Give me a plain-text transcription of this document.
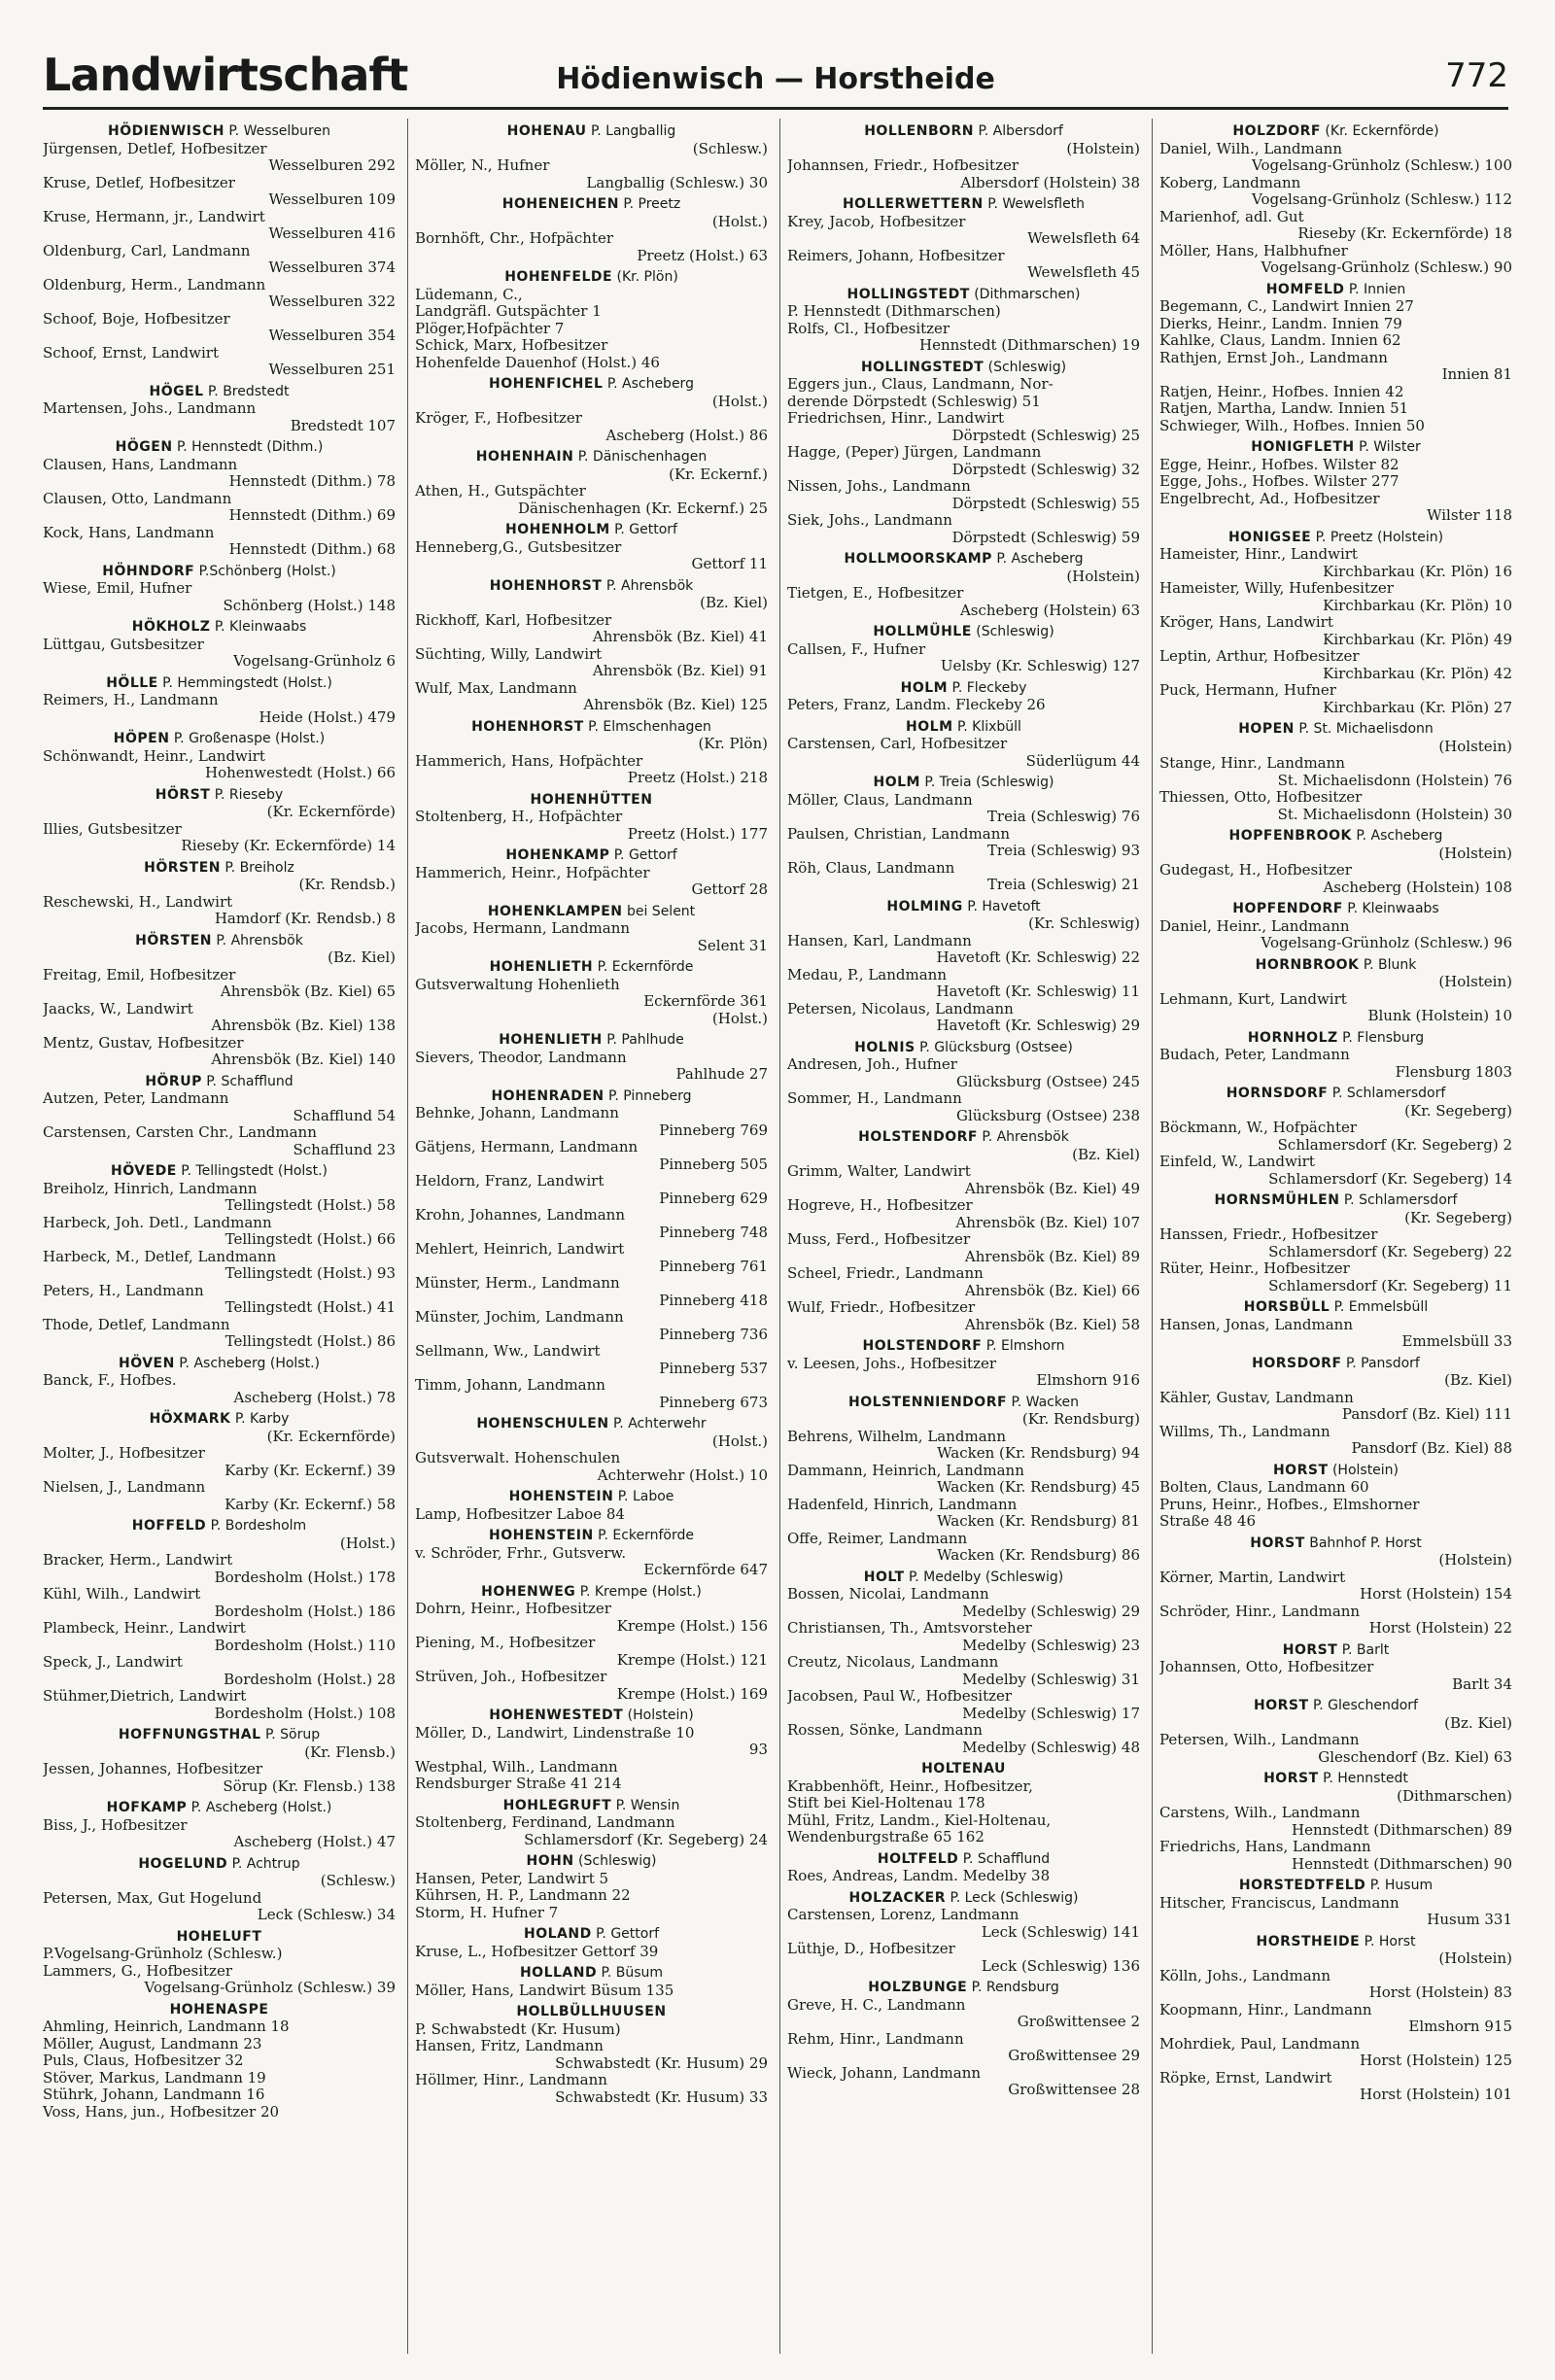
Landwirtschaft	Hödienwisch — Horstheide	772
HÖDIENWISCH P. Wesselburen
Jürgensen, Detlef, Hofbesitzer
Wesselburen 292
Kruse, Detlef, Hofbesitzer
Wesselburen 109
Kruse, Hermann, jr., Landwirt
Wesselburen 416
Oldenburg, Carl, Landmann
Wesselburen 374
Oldenburg, Herm., Landmann
Wesselburen 322
Schoof, Boje, Hofbesitzer
Wesselburen 354
Schoof, Ernst, Landwirt
Wesselburen 251
HÖGEL P. Bredstedt
Martensen, Johs., Landmann
Bredstedt 107
HÖGEN P. Hennstedt (Dithm.)
Clausen, Hans, Landmann
Hennstedt (Dithm.) 78
Clausen, Otto, Landmann
Hennstedt (Dithm.) 69
Kock, Hans, Landmann
Hennstedt (Dithm.) 68
HÖHNDORF P.Schönberg (Holst.)
Wiese, Emil, Hufner
Schönberg (Holst.) 148
HÖKHOLZ P. Kleinwaabs
Lüttgau, Gutsbesitzer
Vogelsang-Grünholz 6
HÖLLE P. Hemmingstedt (Holst.)
Reimers, H., Landmann
Heide (Holst.) 479
HÖPEN P. Großenaspe (Holst.)
Schönwandt, Heinr., Landwirt
Hohenwestedt (Holst.) 66
HÖRST P. Rieseby
(Kr. Eckernförde)
Illies, Gutsbesitzer
Rieseby (Kr. Eckernförde) 14
HÖRSTEN P. Breiholz
(Kr. Rendsb.)
Reschewski, H., Landwirt
Hamdorf (Kr. Rendsb.) 8
HÖRSTEN P. Ahrensbök
(Bz. Kiel)
Freitag, Emil, Hofbesitzer
Ahrensbök (Bz. Kiel) 65
Jaacks, W., Landwirt
Ahrensbök (Bz. Kiel) 138
Mentz, Gustav, Hofbesitzer
Ahrensbök (Bz. Kiel) 140
HÖRUP P. Schafflund
Autzen, Peter, Landmann
Schafflund 54
Carstensen, Carsten Chr., Landmann
Schafflund 23
HÖVEDE P. Tellingstedt (Holst.)
Breiholz, Hinrich, Landmann
Tellingstedt (Holst.) 58
Harbeck, Joh. Detl., Landmann
Tellingstedt (Holst.) 66
Harbeck, M., Detlef, Landmann
Tellingstedt (Holst.) 93
Peters, H., Landmann
Tellingstedt (Holst.) 41
Thode, Detlef, Landmann
Tellingstedt (Holst.) 86
HÖVEN P. Ascheberg (Holst.)
Banck, F., Hofbes.
Ascheberg (Holst.) 78
HÖXMARK P. Karby
(Kr. Eckernförde)
Molter, J., Hofbesitzer
Karby (Kr. Eckernf.) 39
Nielsen, J., Landmann
Karby (Kr. Eckernf.) 58
HOFFELD P. Bordesholm
(Holst.)
Bracker, Herm., Landwirt
Bordesholm (Holst.) 178
Kühl, Wilh., Landwirt
Bordesholm (Holst.) 186
Plambeck, Heinr., Landwirt
Bordesholm (Holst.) 110
Speck, J., Landwirt
Bordesholm (Holst.) 28
Stühmer,Dietrich, Landwirt
Bordesholm (Holst.) 108
HOFFNUNGSTHAL P. Sörup
(Kr. Flensb.)
Jessen, Johannes, Hofbesitzer
Sörup (Kr. Flensb.) 138
HOFKAMP P. Ascheberg (Holst.)
Biss, J., Hofbesitzer
Ascheberg (Holst.) 47
HOGELUND P. Achtrup
(Schlesw.)
Petersen, Max, Gut Hogelund
Leck (Schlesw.) 34
HOHELUFT
P.Vogelsang-Grünholz (Schlesw.)
Lammers, G., Hofbesitzer
Vogelsang-Grünholz (Schlesw.) 39
HOHENASPE
Ahmling, Heinrich, Landmann 18
Möller, August, Landmann 23
Puls, Claus, Hofbesitzer 32
Stöver, Markus, Landmann 19
Stührk, Johann, Landmann 16
Voss, Hans, jun., Hofbesitzer 20
HOHENAU P. Langballig
(Schlesw.)
Möller, N., Hufner
Langballig (Schlesw.) 30
HOHENEICHEN P. Preetz
(Holst.)
Bornhöft, Chr., Hofpächter
Preetz (Holst.) 63
HOHENFELDE (Kr. Plön)
Lüdemann, C.,
Landgräfl. Gutspächter 1
Plöger,Hofpächter 7
Schick, Marx, Hofbesitzer
Hohenfelde Dauenhof (Holst.) 46
HOHENFICHEL P. Ascheberg
(Holst.)
Kröger, F., Hofbesitzer
Ascheberg (Holst.) 86
HOHENHAIN P. Dänischenhagen
(Kr. Eckernf.)
Athen, H., Gutspächter
Dänischenhagen (Kr. Eckernf.) 25
HOHENHOLM P. Gettorf
Henneberg,G., Gutsbesitzer
Gettorf 11
HOHENHORST P. Ahrensbök
(Bz. Kiel)
Rickhoff, Karl, Hofbesitzer
Ahrensbök (Bz. Kiel) 41
Süchting, Willy, Landwirt
Ahrensbök (Bz. Kiel) 91
Wulf, Max, Landmann
Ahrensbök (Bz. Kiel) 125
HOHENHORST P. Elmschenhagen
(Kr. Plön)
Hammerich, Hans, Hofpächter
Preetz (Holst.) 218
HOHENHÜTTEN
Stoltenberg, H., Hofpächter
Preetz (Holst.) 177
HOHENKAMP P. Gettorf
Hammerich, Heinr., Hofpächter
Gettorf 28
HOHENKLAMPEN bei Selent
Jacobs, Hermann, Landmann
Selent 31
HOHENLIETH P. Eckernförde
Gutsverwaltung Hohenlieth
Eckernförde 361
(Holst.)
HOHENLIETH P. Pahlhude
Sievers, Theodor, Landmann
Pahlhude 27
HOHENRADEN P. Pinneberg
Behnke, Johann, Landmann
Pinneberg 769
Gätjens, Hermann, Landmann
Pinneberg 505
Heldorn, Franz, Landwirt
Pinneberg 629
Krohn, Johannes, Landmann
Pinneberg 748
Mehlert, Heinrich, Landwirt
Pinneberg 761
Münster, Herm., Landmann
Pinneberg 418
Münster, Jochim, Landmann
Pinneberg 736
Sellmann, Ww., Landwirt
Pinneberg 537
Timm, Johann, Landmann
Pinneberg 673
HOHENSCHULEN P. Achterwehr
(Holst.)
Gutsverwalt. Hohenschulen
Achterwehr (Holst.) 10
HOHENSTEIN P. Laboe
Lamp, Hofbesitzer Laboe 84
HOHENSTEIN P. Eckernförde
v. Schröder, Frhr., Gutsverw.
Eckernförde 647
HOHENWEG P. Krempe (Holst.)
Dohrn, Heinr., Hofbesitzer
Krempe (Holst.) 156
Piening, M., Hofbesitzer
Krempe (Holst.) 121
Strüven, Joh., Hofbesitzer
Krempe (Holst.) 169
HOHENWESTEDT (Holstein)
Möller, D., Landwirt, Lindenstraße 10
93
Westphal, Wilh., Landmann
Rendsburger Straße 41 214
HOHLEGRUFT P. Wensin
Stoltenberg, Ferdinand, Landmann
Schlamersdorf (Kr. Segeberg) 24
HOHN (Schleswig)
Hansen, Peter, Landwirt 5
Kührsen, H. P., Landmann 22
Storm, H. Hufner 7
HOLAND P. Gettorf
Kruse, L., Hofbesitzer Gettorf 39
HOLLAND P. Büsum
Möller, Hans, Landwirt Büsum 135
HOLLBÜLLHUUSEN
P. Schwabstedt (Kr. Husum)
Hansen, Fritz, Landmann
Schwabstedt (Kr. Husum) 29
Höllmer, Hinr., Landmann
Schwabstedt (Kr. Husum) 33
HOLLENBORN P. Albersdorf
(Holstein)
Johannsen, Friedr., Hofbesitzer
Albersdorf (Holstein) 38
HOLLERWETTERN P. Wewelsfleth
Krey, Jacob, Hofbesitzer
Wewelsfleth 64
Reimers, Johann, Hofbesitzer
Wewelsfleth 45
HOLLINGSTEDT (Dithmarschen)
P. Hennstedt (Dithmarschen)
Rolfs, Cl., Hofbesitzer
Hennstedt (Dithmarschen) 19
HOLLINGSTEDT (Schleswig)
Eggers jun., Claus, Landmann, Nor-
derende Dörpstedt (Schleswig) 51
Friedrichsen, Hinr., Landwirt
Dörpstedt (Schleswig) 25
Hagge, (Peper) Jürgen, Landmann
Dörpstedt (Schleswig) 32
Nissen, Johs., Landmann
Dörpstedt (Schleswig) 55
Siek, Johs., Landmann
Dörpstedt (Schleswig) 59
HOLLMOORSKAMP P. Ascheberg
(Holstein)
Tietgen, E., Hofbesitzer
Ascheberg (Holstein) 63
HOLLMÜHLE (Schleswig)
Callsen, F., Hufner
Uelsby (Kr. Schleswig) 127
HOLM P. Fleckeby
Peters, Franz, Landm. Fleckeby 26
HOLM P. Klixbüll
Carstensen, Carl, Hofbesitzer
Süderlügum 44
HOLM P. Treia (Schleswig)
Möller, Claus, Landmann
Treia (Schleswig) 76
Paulsen, Christian, Landmann
Treia (Schleswig) 93
Röh, Claus, Landmann
Treia (Schleswig) 21
HOLMING P. Havetoft
(Kr. Schleswig)
Hansen, Karl, Landmann
Havetoft (Kr. Schleswig) 22
Medau, P., Landmann
Havetoft (Kr. Schleswig) 11
Petersen, Nicolaus, Landmann
Havetoft (Kr. Schleswig) 29
HOLNIS P. Glücksburg (Ostsee)
Andresen, Joh., Hufner
Glücksburg (Ostsee) 245
Sommer, H., Landmann
Glücksburg (Ostsee) 238
HOLSTENDORF P. Ahrensbök
(Bz. Kiel)
Grimm, Walter, Landwirt
Ahrensbök (Bz. Kiel) 49
Hogreve, H., Hofbesitzer
Ahrensbök (Bz. Kiel) 107
Muss, Ferd., Hofbesitzer
Ahrensbök (Bz. Kiel) 89
Scheel, Friedr., Landmann
Ahrensbök (Bz. Kiel) 66
Wulf, Friedr., Hofbesitzer
Ahrensbök (Bz. Kiel) 58
HOLSTENDORF P. Elmshorn
v. Leesen, Johs., Hofbesitzer
Elmshorn 916
HOLSTENNIENDORF P. Wacken
(Kr. Rendsburg)
Behrens, Wilhelm, Landmann
Wacken (Kr. Rendsburg) 94
Dammann, Heinrich, Landmann
Wacken (Kr. Rendsburg) 45
Hadenfeld, Hinrich, Landmann
Wacken (Kr. Rendsburg) 81
Offe, Reimer, Landmann
Wacken (Kr. Rendsburg) 86
HOLT P. Medelby (Schleswig)
Bossen, Nicolai, Landmann
Medelby (Schleswig) 29
Christiansen, Th., Amtsvorsteher
Medelby (Schleswig) 23
Creutz, Nicolaus, Landmann
Medelby (Schleswig) 31
Jacobsen, Paul W., Hofbesitzer
Medelby (Schleswig) 17
Rossen, Sönke, Landmann
Medelby (Schleswig) 48
HOLTENAU
Krabbenhöft, Heinr., Hofbesitzer,
Stift bei Kiel-Holtenau 178
Mühl, Fritz, Landm., Kiel-Holtenau,
Wendenburgstraße 65 162
HOLTFELD P. Schafflund
Roes, Andreas, Landm. Medelby 38
HOLZACKER P. Leck (Schleswig)
Carstensen, Lorenz, Landmann
Leck (Schleswig) 141
Lüthje, D., Hofbesitzer
Leck (Schleswig) 136
HOLZBUNGE P. Rendsburg
Greve, H. C., Landmann
Großwittensee 2
Rehm, Hinr., Landmann
Großwittensee 29
Wieck, Johann, Landmann
Großwittensee 28
HOLZDORF (Kr. Eckernförde)
Daniel, Wilh., Landmann
Vogelsang-Grünholz (Schlesw.) 100
Koberg, Landmann
Vogelsang-Grünholz (Schlesw.) 112
Marienhof, adl. Gut
Rieseby (Kr. Eckernförde) 18
Möller, Hans, Halbhufner
Vogelsang-Grünholz (Schlesw.) 90
HOMFELD P. Innien
Begemann, C., Landwirt Innien 27
Dierks, Heinr., Landm. Innien 79
Kahlke, Claus, Landm. Innien 62
Rathjen, Ernst Joh., Landmann
Innien 81
Ratjen, Heinr., Hofbes. Innien 42
Ratjen, Martha, Landw. Innien 51
Schwieger, Wilh., Hofbes. Innien 50
HONIGFLETH P. Wilster
Egge, Heinr., Hofbes. Wilster 82
Egge, Johs., Hofbes. Wilster 277
Engelbrecht, Ad., Hofbesitzer
Wilster 118
HONIGSEE P. Preetz (Holstein)
Hameister, Hinr., Landwirt
Kirchbarkau (Kr. Plön) 16
Hameister, Willy, Hufenbesitzer
Kirchbarkau (Kr. Plön) 10
Kröger, Hans, Landwirt
Kirchbarkau (Kr. Plön) 49
Leptin, Arthur, Hofbesitzer
Kirchbarkau (Kr. Plön) 42
Puck, Hermann, Hufner
Kirchbarkau (Kr. Plön) 27
HOPEN P. St. Michaelisdonn
(Holstein)
Stange, Hinr., Landmann
St. Michaelisdonn (Holstein) 76
Thiessen, Otto, Hofbesitzer
St. Michaelisdonn (Holstein) 30
HOPFENBROOK P. Ascheberg
(Holstein)
Gudegast, H., Hofbesitzer
Ascheberg (Holstein) 108
HOPFENDORF P. Kleinwaabs
Daniel, Heinr., Landmann
Vogelsang-Grünholz (Schlesw.) 96
HORNBROOK P. Blunk
(Holstein)
Lehmann, Kurt, Landwirt
Blunk (Holstein) 10
HORNHOLZ P. Flensburg
Budach, Peter, Landmann
Flensburg 1803
HORNSDORF P. Schlamersdorf
(Kr. Segeberg)
Böckmann, W., Hofpächter
Schlamersdorf (Kr. Segeberg) 2
Einfeld, W., Landwirt
Schlamersdorf (Kr. Segeberg) 14
HORNSMÜHLEN P. Schlamersdorf
(Kr. Segeberg)
Hanssen, Friedr., Hofbesitzer
Schlamersdorf (Kr. Segeberg) 22
Rüter, Heinr., Hofbesitzer
Schlamersdorf (Kr. Segeberg) 11
HORSBÜLL P. Emmelsbüll
Hansen, Jonas, Landmann
Emmelsbüll 33
HORSDORF P. Pansdorf
(Bz. Kiel)
Kähler, Gustav, Landmann
Pansdorf (Bz. Kiel) 111
Willms, Th., Landmann
Pansdorf (Bz. Kiel) 88
HORST (Holstein)
Bolten, Claus, Landmann 60
Pruns, Heinr., Hofbes., Elmshorner
Straße 48 46
HORST Bahnhof P. Horst
(Holstein)
Körner, Martin, Landwirt
Horst (Holstein) 154
Schröder, Hinr., Landmann
Horst (Holstein) 22
HORST P. Barlt
Johannsen, Otto, Hofbesitzer
Barlt 34
HORST P. Gleschendorf
(Bz. Kiel)
Petersen, Wilh., Landmann
Gleschendorf (Bz. Kiel) 63
HORST P. Hennstedt
(Dithmarschen)
Carstens, Wilh., Landmann
Hennstedt (Dithmarschen) 89
Friedrichs, Hans, Landmann
Hennstedt (Dithmarschen) 90
HORSTEDTFELD P. Husum
Hitscher, Franciscus, Landmann
Husum 331
HORSTHEIDE P. Horst
(Holstein)
Kölln, Johs., Landmann
Horst (Holstein) 83
Koopmann, Hinr., Landmann
Elmshorn 915
Mohrdiek, Paul, Landmann
Horst (Holstein) 125
Röpke, Ernst, Landwirt
Horst (Holstein) 101
